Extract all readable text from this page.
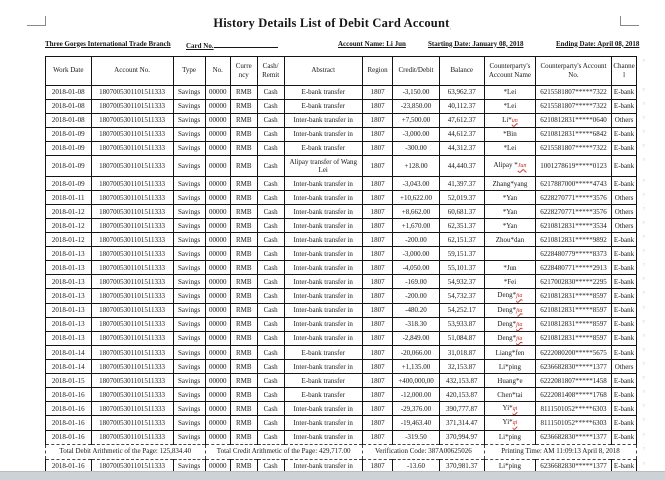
History Details List of Debit Card Account ·
Three Gorges International Trade Branch Card No.	Account Name: Li Jun	Starting Date: January 08, 2018	Ending Date: April 08, 2018
Work Date	Account No.	Type	No.	Curre ncy	Cash/ Remit	Abstract	Region	Credit/Debit	Balance	Counterparty's Account Name	Counterparty's Account No.	Channel ¤
2018-01-08	1807005301101511333	Savings	00000	RMB	Cash	E-bank transfer	1807	-3,150.00	63,962.37	*Lei	6215581807*****7322	E-bank ¤
2018-01-08	1807005301101511333	Savings	00000	RMB	Cash	E-bank transfer	1807	-23,850.00	40,112.37	*Lei	6215581807*****7322	E-bank ¤
2018-01-08	1807005301101511333	Savings	00000	RMB	Cash	Inter-bank transfer in	1807	+7,500.00	47,612.37	Li*un	6210812831*****0640	Others ¤
2018-01-09	1807005301101511333	Savings	00000	RMB	Cash	Inter-bank transfer in	1807	-3,000.00	44,612.37	*Bin	6210812831*****6842	E-bank ¤
2018-01-09	1807005301101511333	Savings	00000	RMB	Cash	E-bank transfer	1807	-300.00	44,312.37	*Lei	6215581807*****7322	E-bank ¤
2018-01-09	1807005301101511333	Savings	00000	RMB	Cash	Alipay transfer of Wang Lei	1807	+128.00	44,440.37	Alipay *Jun	1001278619*****0123	E-bank ¤
2018-01-09	1807005301101511333	Savings	00000	RMB	Cash	Inter-bank transfer in	1807	-3,043.00	41,397.37	Zhang*yang	6217887000*****4743	E-bank ¤
2018-01-11	1807005301101511333	Savings	00000	RMB	Cash	Inter-bank transfer in	1807	+10,622.00	52,019.37	*Yan	6228270771*****3576	Others ¤
2018-01-12	1807005301101511333	Savings	00000	RMB	Cash	Inter-bank transfer in	1807	+8,662.00	60,681.37	*Yan	6228270771*****3576	Others ¤
2018-01-12	1807005301101511333	Savings	00000	RMB	Cash	Inter-bank transfer in	1807	+1,670.00	62,351.37	*Yan	6210812831*****3534	Others ¤
2018-01-12	1807005301101511333	Savings	00000	RMB	Cash	Inter-bank transfer in	1807	-200.00	62,151.37	Zhou*dan	6210812831*****9892	E-bank ¤
2018-01-13	1807005301101511333	Savings	00000	RMB	Cash	Inter-bank transfer in	1807	-3,000.00	59,151.37		6228480779*****8373	E-bank ¤
2018-01-13	1807005301101511333	Savings	00000	RMB	Cash	Inter-bank transfer in	1807	-4,050.00	55,101.37	*Jun	6228480771*****2913	E-bank ¤
2018-01-13	1807005301101511333	Savings	00000	RMB	Cash	Inter-bank transfer in	1807	-169.00	54,932.37	*Fei	6217002830*****2295	E-bank ¤
2018-01-13	1807005301101511333	Savings	00000	RMB	Cash	Inter-bank transfer in	1807	-200.00	54,732.37	Deng*jia	6210812831*****8597	E-bank ¤
2018-01-13	1807005301101511333	Savings	00000	RMB	Cash	Inter-bank transfer in	1807	-480.20	54,252.17	Deng*jia	6210812831*****8597	E-bank ¤
2018-01-13	1807005301101511333	Savings	00000	RMB	Cash	Inter-bank transfer in	1807	-318.30	53,933.87	Deng*jia	6210812831*****8597	E-bank ¤
2018-01-13	1807005301101511333	Savings	00000	RMB	Cash	Inter-bank transfer in	1807	-2,849.00	51,084.87	Deng*jia	6210812831*****8597	E-bank ¤
2018-01-14	1807005301101511333	Savings	00000	RMB	Cash	E-bank transfer	1807	-20,066.00	31,018.87	Liang*fen	6222080200*****5675	E-bank ¤
2018-01-14	1807005301101511333	Savings	00000	RMB	Cash	Inter-bank transfer in	1807	+1,135.00	32,153.87	Li*ping	6236682830*****1377	Others ¤
2018-01-15	1807005301101511333	Savings	00000	RMB	Cash	E-bank transfer	1807	+400,000,00	432,153.87	Huang*e	6222081807*****1458	E-bank ¤
2018-01-16	1807005301101511333	Savings	00000	RMB	Cash	E-bank transfer	1807	-12,000.00	420,153.87	Chen*tai	6222081408*****1768	E-bank ¤
2018-01-16	1807005301101511333	Savings	00000	RMB	Cash	Inter-bank transfer in	1807	-29,376.00	390,777.87	Yi*qi	8111501052*****6303	E-bank ¤
2018-01-16	1807005301101511333	Savings	00000	RMB	Cash	Inter-bank transfer in	1807	-19,463.40	371,314.47	Yi*qi	8111501052*****6303	E-bank ¤
2018-01-16	1807005301101511333	Savings	00000	RMB	Cash	Inter-bank transfer in	1807	-319.50	370,994.97	Li*ping	6236682830*****1377	E-bank ¤
Total Debit Arithmetic of the Page: 125,834.40			Total Credit Arithmetic of the Page: 429,717.00				Verification Code: 387A00625026			Printing Time: AM 11:09:13 April 8, 2018 ¤
2018-01-16	1807005301101511333	Savings	00000	RMB	Cash	Inter-bank transfer in	1807	-13.60	370,981.37	Li*ping	6236682830*****1377	E-bank ¤
